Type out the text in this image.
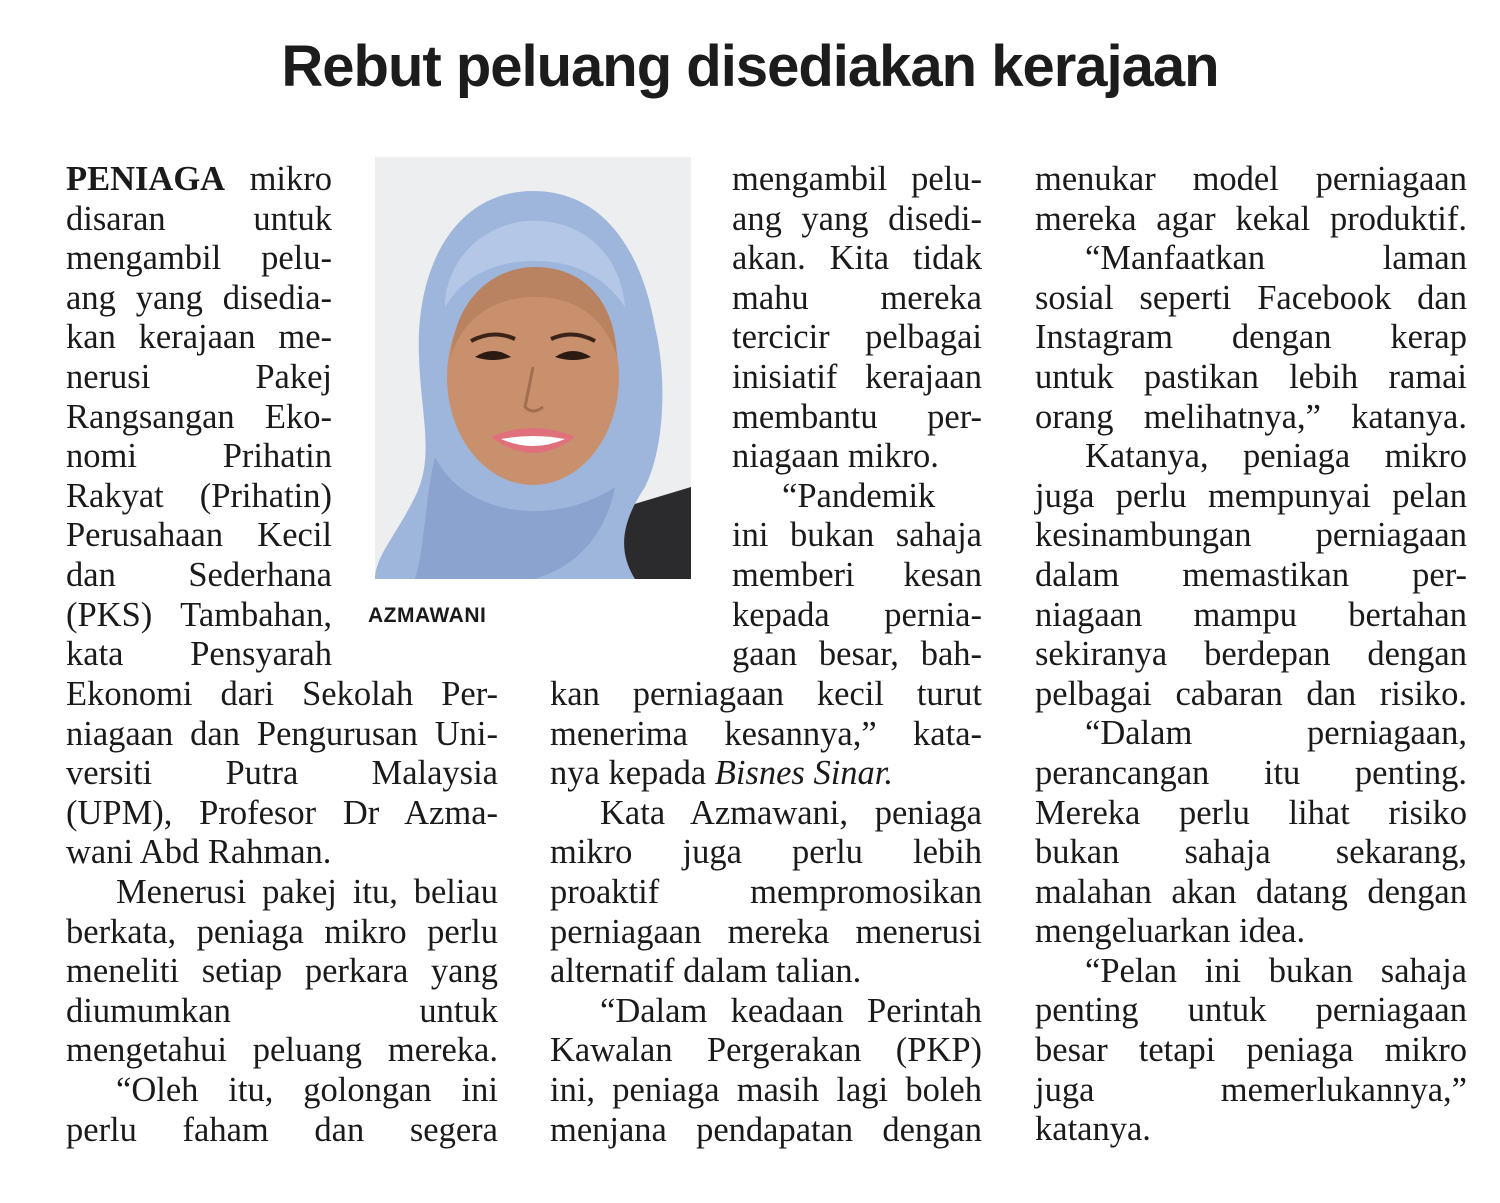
Rebut peluang disediakan kerajaan
AZMAWANI
PENIAGA mikro
disaran untuk
mengambil pelu-
ang yang disedia-
kan kerajaan me-
nerusi Pakej
Rangsangan Eko-
nomi Prihatin
Rakyat (Prihatin)
Perusahaan Kecil
dan Sederhana
(PKS) Tambahan,
kata Pensyarah
Ekonomi dari Sekolah Per-
niagaan dan Pengurusan Uni-
versiti Putra Malaysia
(UPM), Profesor Dr Azma-
wani Abd Rahman.
Menerusi pakej itu, beliau
berkata, peniaga mikro perlu
meneliti setiap perkara yang
diumumkan untuk
mengetahui peluang mereka.
“Oleh itu, golongan ini
perlu faham dan segera
mengambil pelu-
ang yang disedi-
akan. Kita tidak
mahu mereka
tercicir pelbagai
inisiatif kerajaan
membantu per-
niagaan mikro.
“Pandemik
ini bukan sahaja
memberi kesan
kepada pernia-
gaan besar, bah-
kan perniagaan kecil turut
menerima kesannya,” kata-
nya kepada Bisnes Sinar.
Kata Azmawani, peniaga
mikro juga perlu lebih
proaktif mempromosikan
perniagaan mereka menerusi
alternatif dalam talian.
“Dalam keadaan Perintah
Kawalan Pergerakan (PKP)
ini, peniaga masih lagi boleh
menjana pendapatan dengan
menukar model perniagaan
mereka agar kekal produktif.
“Manfaatkan laman
sosial seperti Facebook dan
Instagram dengan kerap
untuk pastikan lebih ramai
orang melihatnya,” katanya.
Katanya, peniaga mikro
juga perlu mempunyai pelan
kesinambungan perniagaan
dalam memastikan per-
niagaan mampu bertahan
sekiranya berdepan dengan
pelbagai cabaran dan risiko.
“Dalam perniagaan,
perancangan itu penting.
Mereka perlu lihat risiko
bukan sahaja sekarang,
malahan akan datang dengan
mengeluarkan idea.
“Pelan ini bukan sahaja
penting untuk perniagaan
besar tetapi peniaga mikro
juga memerlukannya,”
katanya.
